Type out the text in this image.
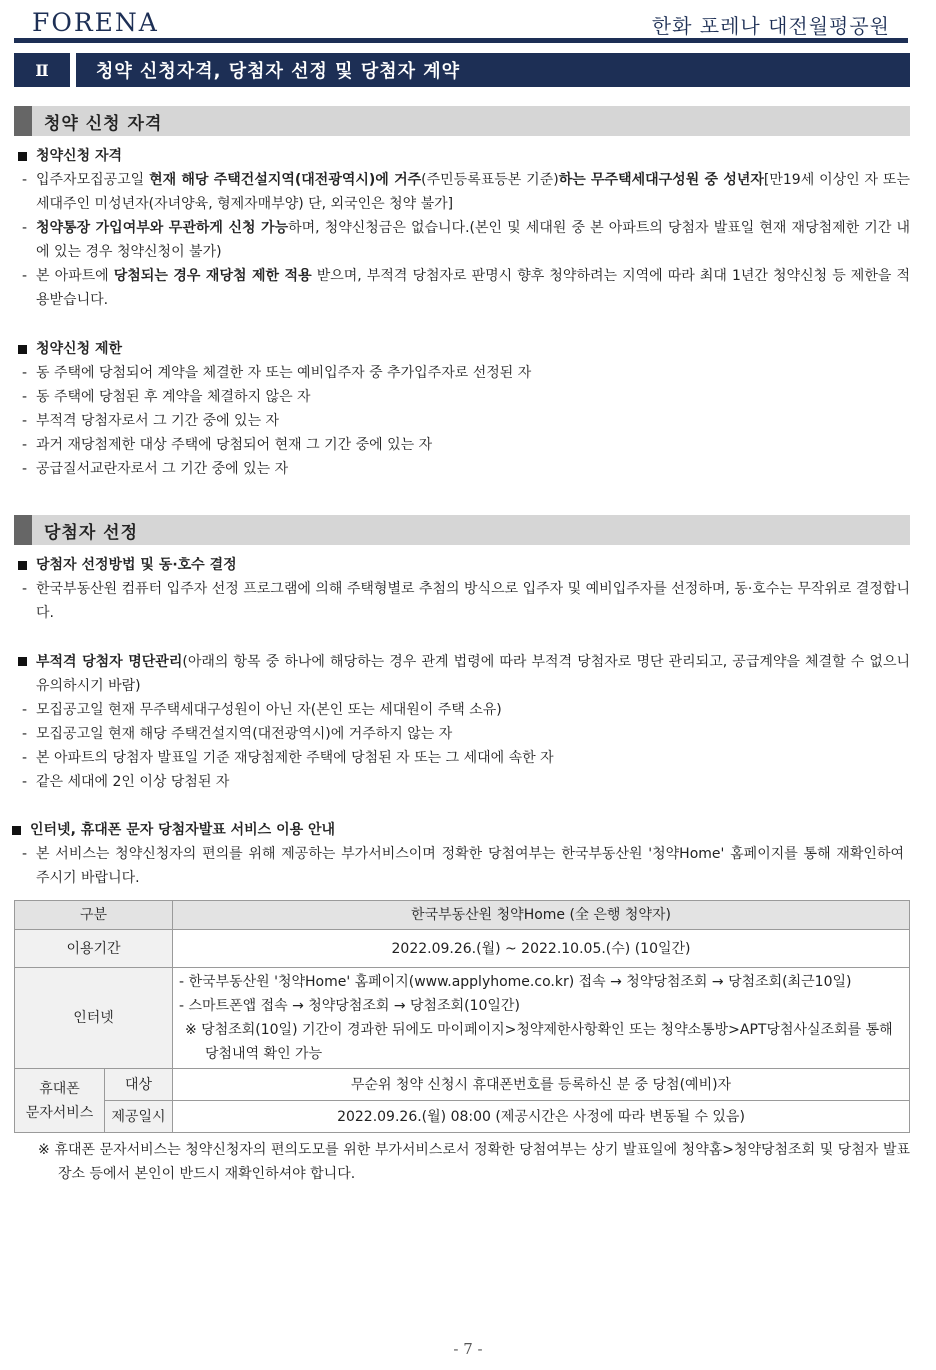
FORENA	한화 포레나 대전월평공원
Ⅱ	청약 신청자격, 당첨자 선정 및 당첨자 계약
청약 신청 자격
청약신청 자격
- 입주자모집공고일 현재 해당 주택건설지역(대전광역시)에 거주(주민등록표등본 기준)하는 무주택세대구성원 중 성년자[만19세 이상인 자 또는 세대주인 미성년자(자녀양육, 형제자매부양) 단, 외국인은 청약 불가]
- 청약통장 가입여부와 무관하게 신청 가능하며, 청약신청금은 없습니다.(본인 및 세대원 중 본 아파트의 당첨자 발표일 현재 재당첨제한 기간 내에 있는 경우 청약신청이 불가)
- 본 아파트에 당첨되는 경우 재당첨 제한 적용 받으며, 부적격 당첨자로 판명시 향후 청약하려는 지역에 따라 최대 1년간 청약신청 등 제한을 적용받습니다.
청약신청 제한
- 동 주택에 당첨되어 계약을 체결한 자 또는 예비입주자 중 추가입주자로 선정된 자
- 동 주택에 당첨된 후 계약을 체결하지 않은 자
- 부적격 당첨자로서 그 기간 중에 있는 자
- 과거 재당첨제한 대상 주택에 당첨되어 현재 그 기간 중에 있는 자
- 공급질서교란자로서 그 기간 중에 있는 자
당첨자 선정
당첨자 선정방법 및 동·호수 결정
- 한국부동산원 컴퓨터 입주자 선정 프로그램에 의해 주택형별로 추첨의 방식으로 입주자 및 예비입주자를 선정하며, 동·호수는 무작위로 결정합니다.
부적격 당첨자 명단관리(아래의 항목 중 하나에 해당하는 경우 관계 법령에 따라 부적격 당첨자로 명단 관리되고, 공급계약을 체결할 수 없으니 유의하시기 바람)
- 모집공고일 현재 무주택세대구성원이 아닌 자(본인 또는 세대원이 주택 소유)
- 모집공고일 현재 해당 주택건설지역(대전광역시)에 거주하지 않는 자
- 본 아파트의 당첨자 발표일 기준 재당첨제한 주택에 당첨된 자 또는 그 세대에 속한 자
- 같은 세대에 2인 이상 당첨된 자
인터넷, 휴대폰 문자 당첨자발표 서비스 이용 안내
- 본 서비스는 청약신청자의 편의를 위해 제공하는 부가서비스이며 정확한 당첨여부는 한국부동산원 '청약Home' 홈페이지를 통해 재확인하여 주시기 바랍니다.
구분		한국부동산원 청약Home (全 은행 청약자)
이용기간		2022.09.26.(월) ~ 2022.10.05.(수) (10일간)
인터넷		- 한국부동산원 '청약Home' 홈페이지(www.applyhome.co.kr) 접속 → 청약당첨조회 → 당첨조회(최근10일)
- 스마트폰앱 접속 → 청약당첨조회 → 당첨조회(10일간)
※ 당첨조회(10일) 기간이 경과한 뒤에도 마이페이지>청약제한사항확인 또는 청약소통방>APT당첨사실조회를 통해 당첨내역 확인 가능

휴대폰
문자서비스	대상	무순위 청약 신청시 휴대폰번호를 등록하신 분 중 당첨(예비)자
	제공일시	2022.09.26.(월) 08:00 (제공시간은 사정에 따라 변동될 수 있음)
※ 휴대폰 문자서비스는 청약신청자의 편의도모를 위한 부가서비스로서 정확한 당첨여부는 상기 발표일에 청약홈>청약당첨조회 및 당첨자 발표장소 등에서 본인이 반드시 재확인하셔야 합니다.
- 7 -
